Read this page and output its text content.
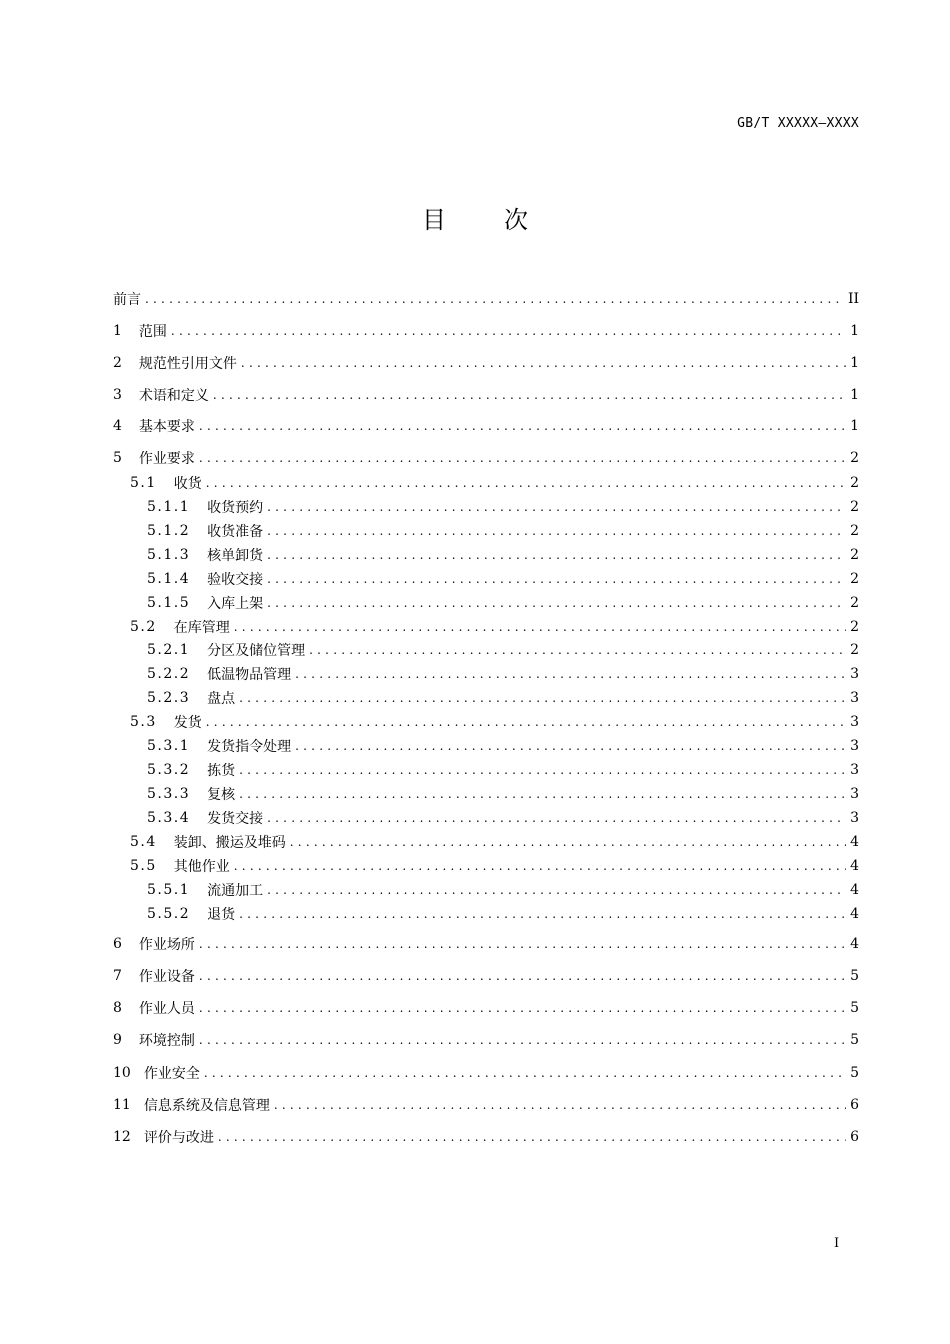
GB/T XXXXX—XXXX
目 次
前言 . . .	II
1 范围 . . .	1
2 规范性引用文件 . . .	1
3 术语和定义 . . .	1
4 基本要求 . . .	1
5 作业要求 . . .	2
5.1 收货 . . .	2
5.1.1 收货预约 . . .	2
5.1.2 收货准备 . . .	2
5.1.3 核单卸货 . . .	2
5.1.4 验收交接 . . .	2
5.1.5 入库上架 . . .	2
5.2 在库管理 . . .	2
5.2.1 分区及储位管理 . . .	2
5.2.2 低温物品管理 . . .	3
5.2.3 盘点 . . .	3
5.3 发货 . . .	3
5.3.1 发货指令处理 . . .	3
5.3.2 拣货 . . .	3
5.3.3 复核 . . .	3
5.3.4 发货交接 . . .	3
5.4 装卸、搬运及堆码 . . .	4
5.5 其他作业 . . .	4
5.5.1 流通加工 . . .	4
5.5.2 退货 . . .	4
6 作业场所 . . .	4
7 作业设备 . . .	5
8 作业人员 . . .	5
9 环境控制 . . .	5
10 作业安全 . . .	5
11 信息系统及信息管理 . . .	6
12 评价与改进 . . .	6
I
